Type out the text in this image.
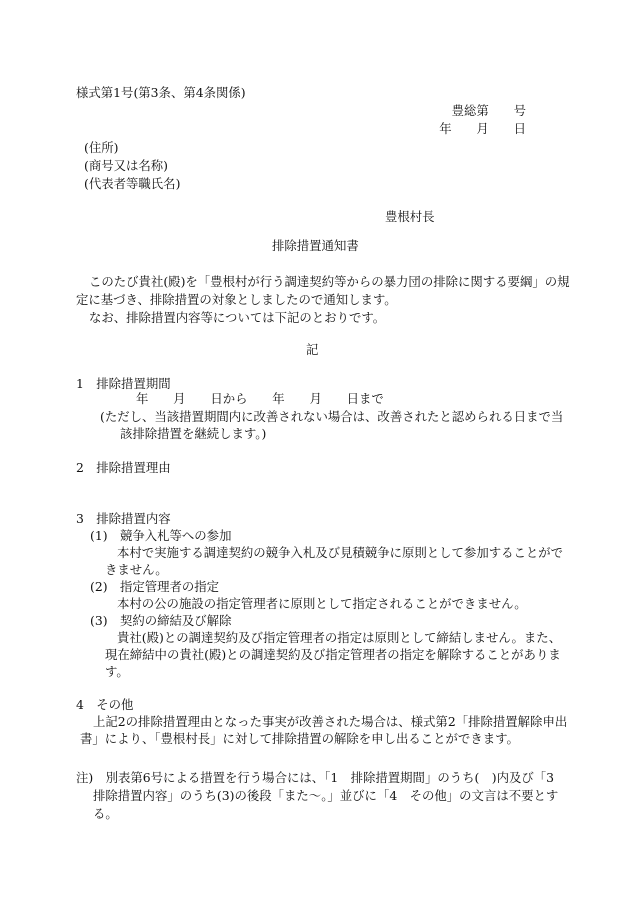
様式第1号(第3条、第4条関係)
豊総第　　号
年　　月　　日
(住所)
(商号又は名称)
(代表者等職氏名)
豊根村長
排除措置通知書
このたび貴社(殿)を「豊根村が行う調達契約等からの暴力団の排除に関する要綱」の規
定に基づき、排除措置の対象としましたので通知します。
なお、排除措置内容等については下記のとおりです。
記
1　排除措置期間
年　　月　　日から　　年　　月　　日まで
(ただし、当該措置期間内に改善されない場合は、改善されたと認められる日まで当
該排除措置を継続します。)
2　排除措置理由
3　排除措置内容
(1)　競争入札等への参加
本村で実施する調達契約の競争入札及び見積競争に原則として参加することがで
きません。
(2)　指定管理者の指定
本村の公の施設の指定管理者に原則として指定されることができません。
(3)　契約の締結及び解除
貴社(殿)との調達契約及び指定管理者の指定は原則として締結しません。また、
現在締結中の貴社(殿)との調達契約及び指定管理者の指定を解除することがありま
す。
4　その他
上記2の排除措置理由となった事実が改善された場合は、様式第2「排除措置解除申出
書」により、「豊根村長」に対して排除措置の解除を申し出ることができます。
注)　別表第6号による措置を行う場合には、「1　排除措置期間」のうち(　)内及び「3
排除措置内容」のうち(3)の後段「また〜。」並びに「4　その他」の文言は不要とす
る。
